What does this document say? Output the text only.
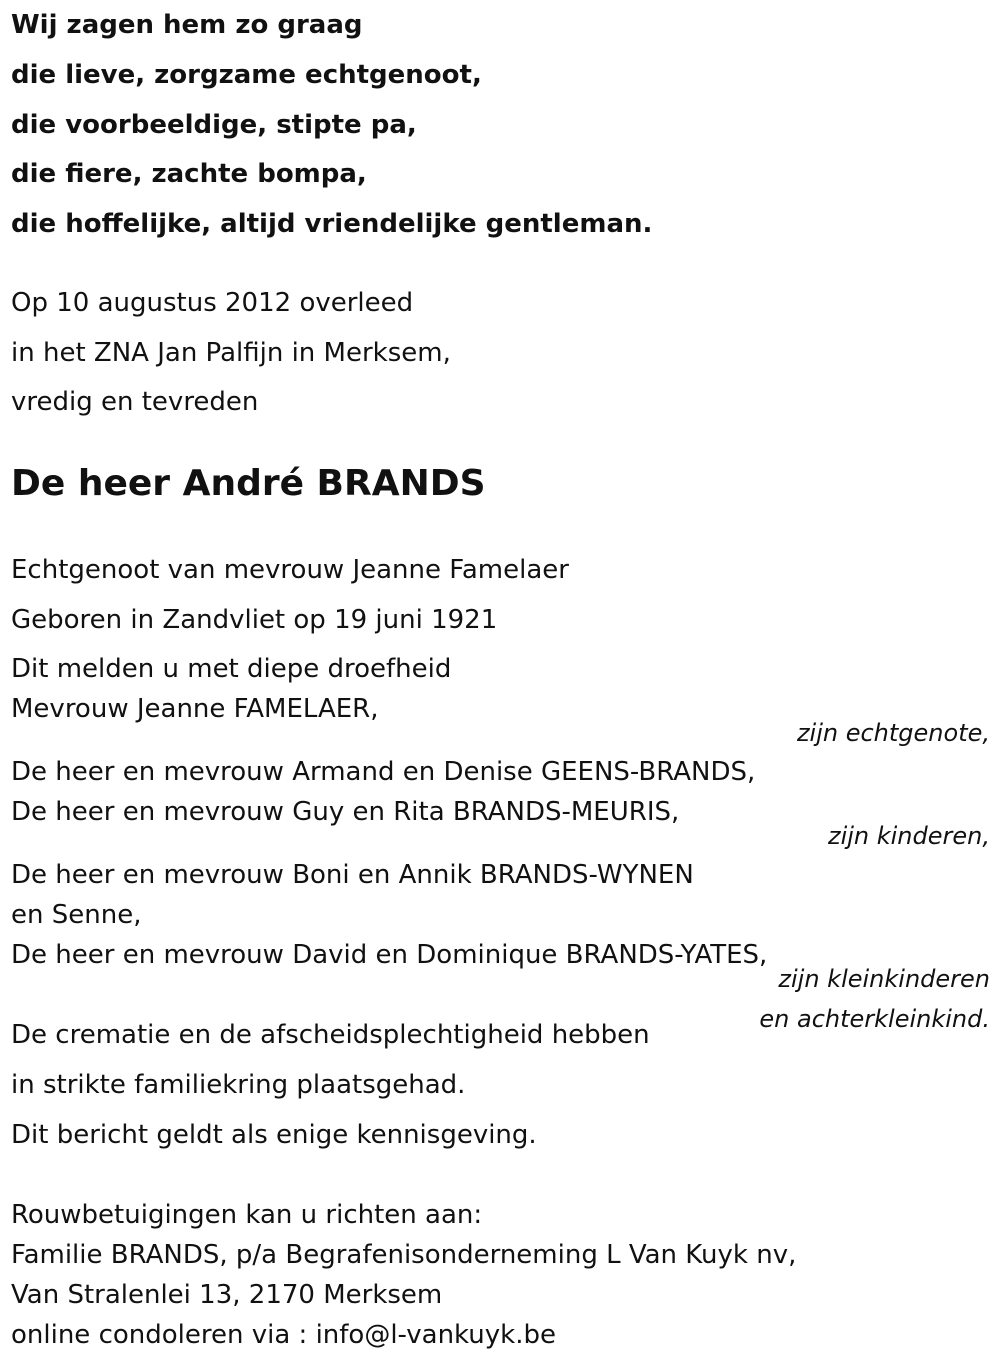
Wij zagen hem zo graag
die lieve, zorgzame echtgenoot,
die voorbeeldige, stipte pa,
die fiere, zachte bompa,
die hoffelijke, altijd vriendelijke gentleman.
Op 10 augustus 2012 overleed
in het ZNA Jan Palfijn in Merksem,
vredig en tevreden
De heer André BRANDS
Echtgenoot van mevrouw Jeanne Famelaer
Geboren in Zandvliet op 19 juni 1921
Dit melden u met diepe droefheid
Mevrouw Jeanne FAMELAER,
zijn echtgenote,
De heer en mevrouw Armand en Denise GEENS-BRANDS,
De heer en mevrouw Guy en Rita BRANDS-MEURIS,
zijn kinderen,
De heer en mevrouw Boni en Annik BRANDS-WYNEN
en Senne,
De heer en mevrouw David en Dominique BRANDS-YATES,
zijn kleinkinderen
en achterkleinkind.
De crematie en de afscheidsplechtigheid hebben
in strikte familiekring plaatsgehad.
Dit bericht geldt als enige kennisgeving.
Rouwbetuigingen kan u richten aan:
Familie BRANDS, p/a Begrafenisonderneming L Van Kuyk nv,
Van Stralenlei 13, 2170 Merksem
online condoleren via : info@l-vankuyk.be
